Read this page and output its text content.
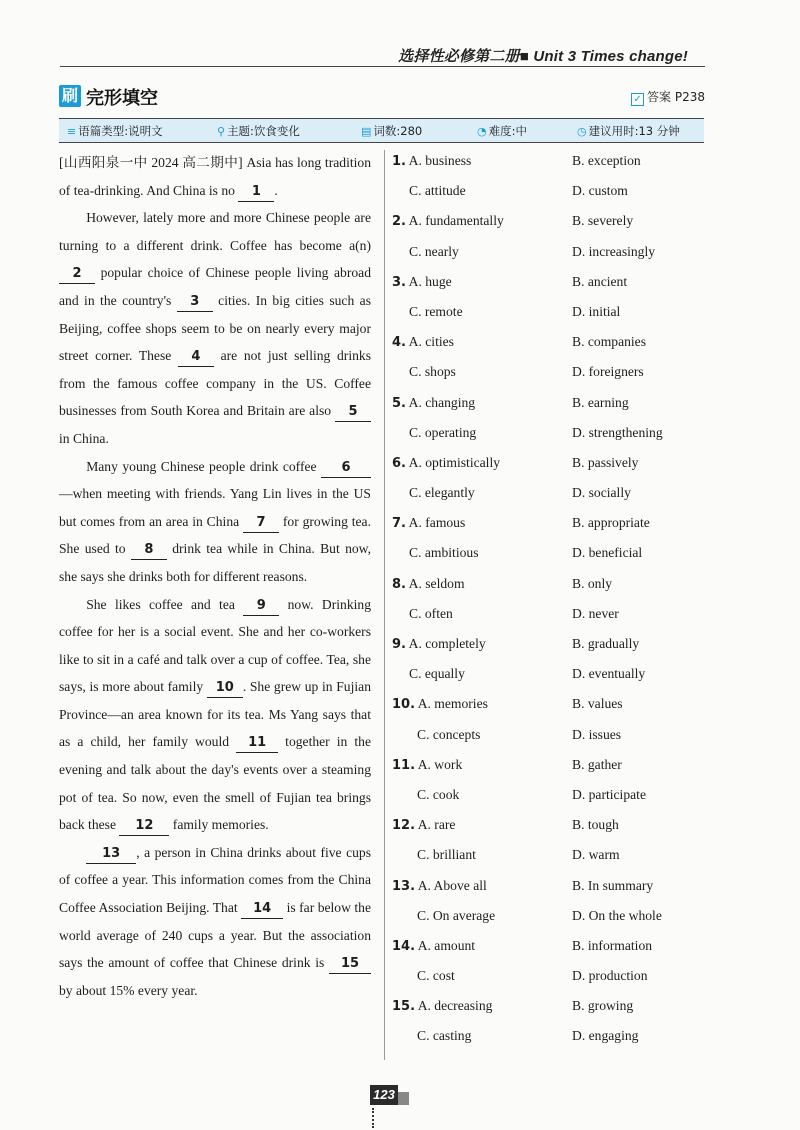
选择性必修第二册■ Unit 3 Times change!
刷 完形填空	✓ 答案 P238
≡ 语篇类型:说明文	⚲ 主题:饮食变化	▤ 词数:280	◔ 难度:中	◷ 建议用时:13 分钟

[山西阳泉一中 2024 高二期中] Asia has long tradition of tea-drinking. And China is no 1 .

However, lately more and more Chinese people are turning to a different drink. Coffee has become a(n) 2 popular choice of Chinese people living abroad and in the country's 3 cities. In big cities such as Beijing, coffee shops seem to be on nearly every major street corner. These 4 are not just selling drinks from the famous coffee company in the US. Coffee businesses from South Korea and Britain are also 5 in China.

Many young Chinese people drink coffee 6—when meeting with friends. Yang Lin lives in the US but comes from an area in China 7 for growing tea. She used to 8 drink tea while in China. But now, she says she drinks both for different reasons.

She likes coffee and tea 9 now. Drinking coffee for her is a social event. She and her co-workers like to sit in a café and talk over a cup of coffee. Tea, she says, is more about family 10 . She grew up in Fujian Province—an area known for its tea. Ms Yang says that as a child, her family would 11 together in the evening and talk about the day's events over a steaming pot of tea. So now, even the smell of Fujian tea brings back these 12 family memories.

13 , a person in China drinks about five cups of coffee a year. This information comes from the China Coffee Association Beijing. That 14 is far below the world average of 240 cups a year. But the association says the amount of coffee that Chinese drink is 15 by about 15% every year.

1. A. business	B. exception
C. attitude	D. custom
2. A. fundamentally	B. severely
C. nearly	D. increasingly
3. A. huge	B. ancient
C. remote	D. initial
4. A. cities	B. companies
C. shops	D. foreigners
5. A. changing	B. earning
C. operating	D. strengthening
6. A. optimistically	B. passively
C. elegantly	D. socially
7. A. famous	B. appropriate
C. ambitious	D. beneficial
8. A. seldom	B. only
C. often	D. never
9. A. completely	B. gradually
C. equally	D. eventually
10. A. memories	B. values
C. concepts	D. issues
11. A. work	B. gather
C. cook	D. participate
12. A. rare	B. tough
C. brilliant	D. warm
13. A. Above all	B. In summary
C. On average	D. On the whole
14. A. amount	B. information
C. cost	D. production
15. A. decreasing	B. growing
C. casting	D. engaging
123
